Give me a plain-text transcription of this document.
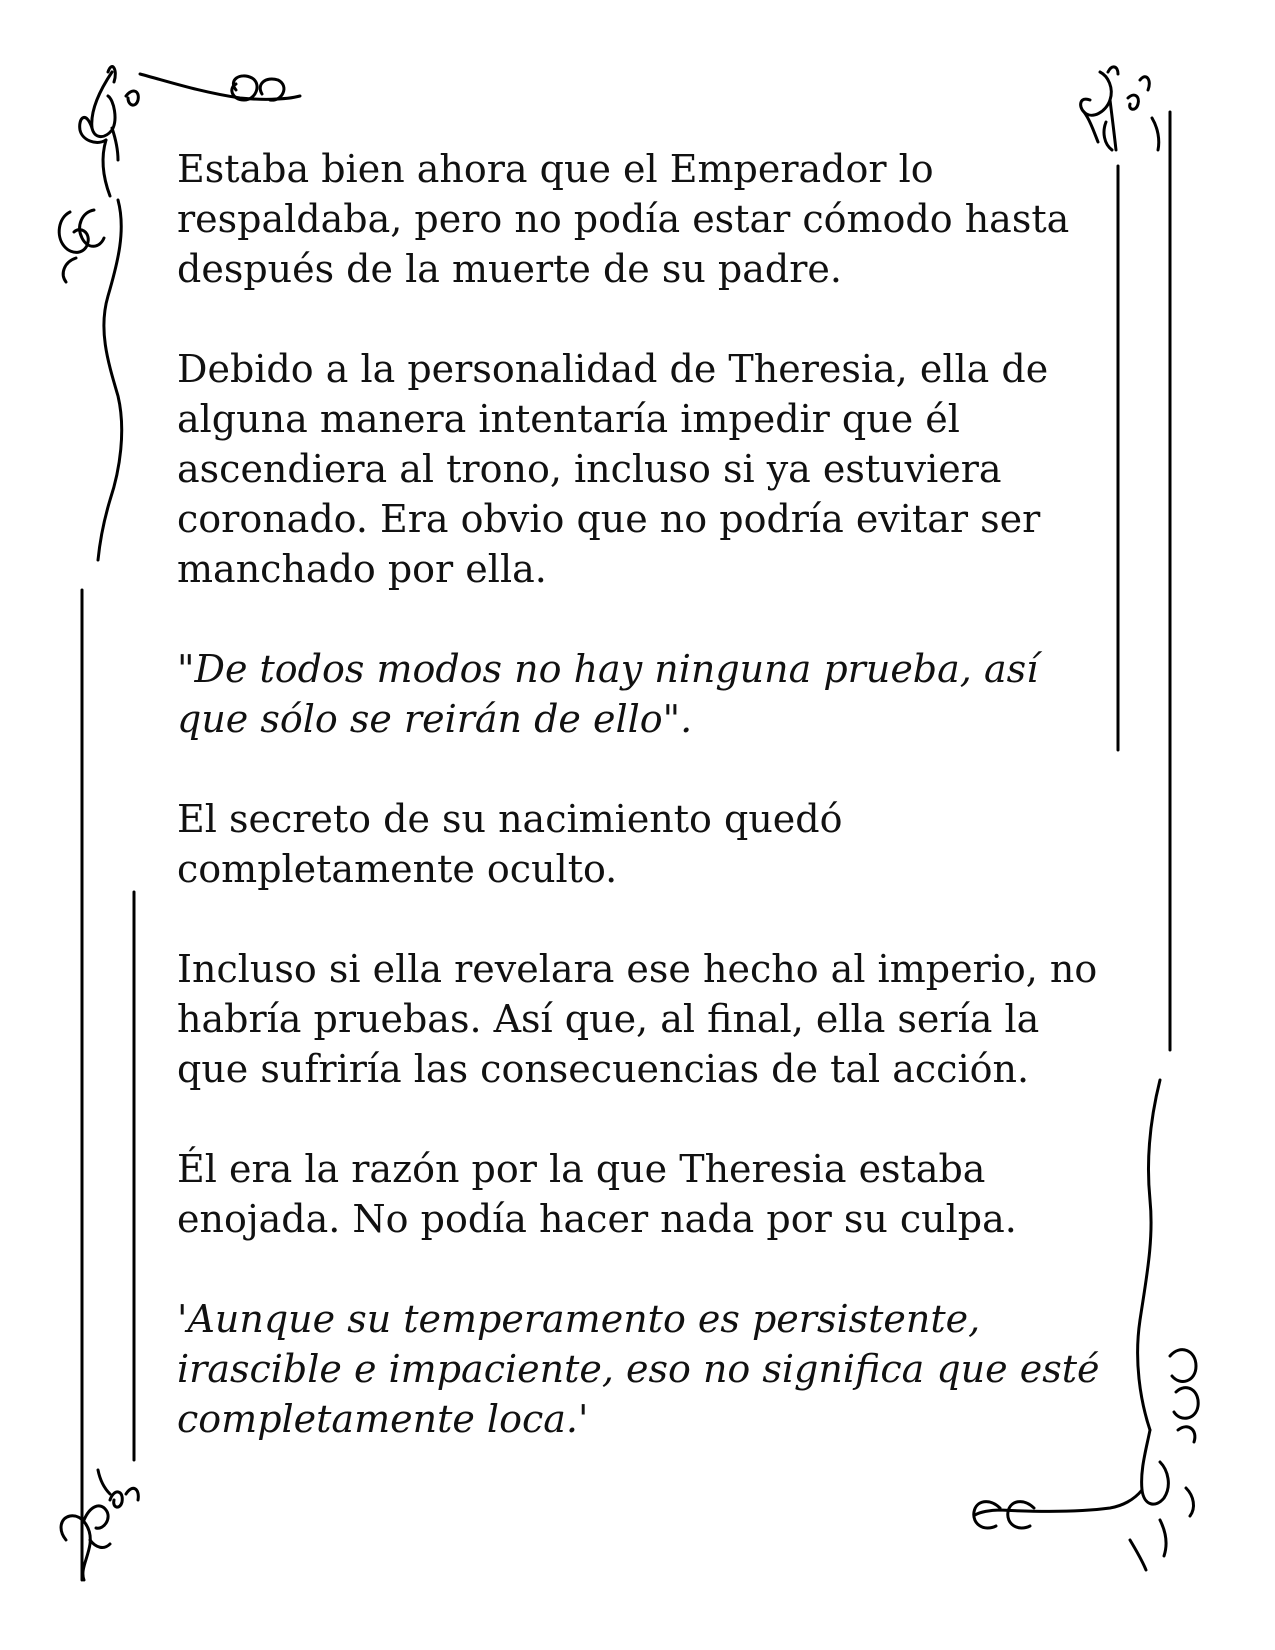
Estaba bien ahora que el Emperador lo
respaldaba, pero no podía estar cómodo hasta
después de la muerte de su padre.

Debido a la personalidad de Theresia, ella de
alguna manera intentaría impedir que él
ascendiera al trono, incluso si ya estuviera
coronado. Era obvio que no podría evitar ser
manchado por ella.

"De todos modos no hay ninguna prueba, así
que sólo se reirán de ello".

El secreto de su nacimiento quedó
completamente oculto.

Incluso si ella revelara ese hecho al imperio, no
habría pruebas. Así que, al final, ella sería la
que sufriría las consecuencias de tal acción.

Él era la razón por la que Theresia estaba
enojada. No podía hacer nada por su culpa.

'Aunque su temperamento es persistente,
irascible e impaciente, eso no significa que esté
completamente loca.'
